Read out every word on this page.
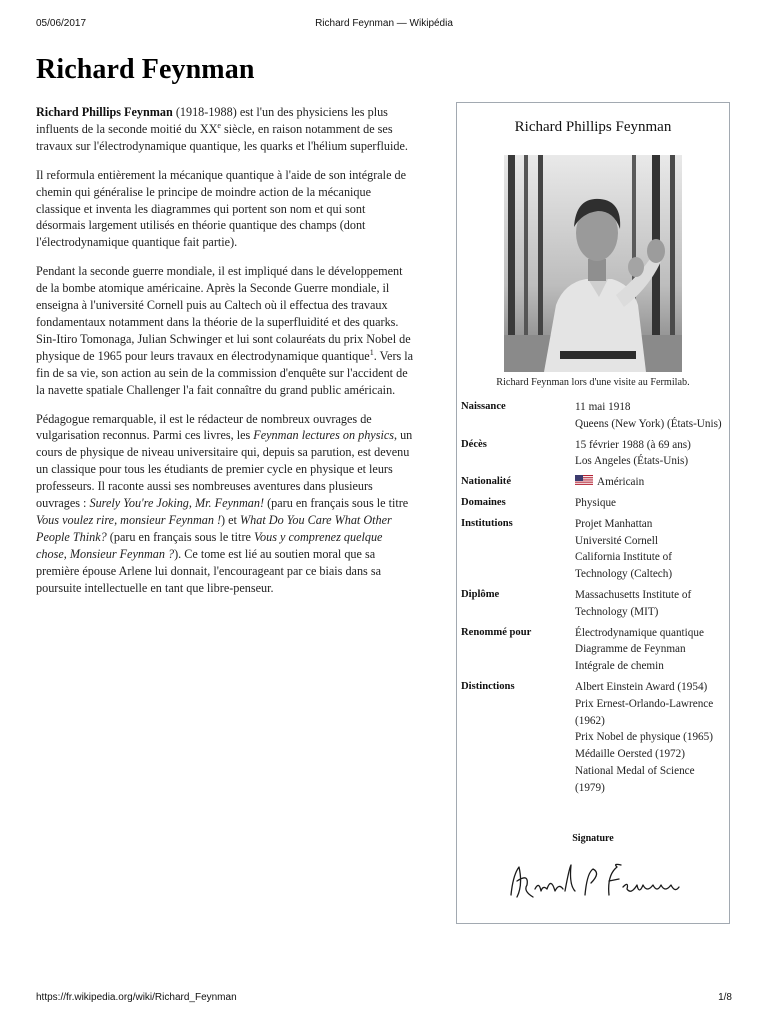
05/06/2017	Richard Feynman — Wikipédia
Richard Feynman

Richard Phillips Feynman (1918-1988) est l'un des physiciens les plus influents de la seconde moitié du XXe siècle, en raison notamment de ses travaux sur l'électrodynamique quantique, les quarks et l'hélium superfluide.

Il reformula entièrement la mécanique quantique à l'aide de son intégrale de chemin qui généralise le principe de moindre action de la mécanique classique et inventa les diagrammes qui portent son nom et qui sont désormais largement utilisés en théorie quantique des champs (dont l'électrodynamique quantique fait partie).

Pendant la seconde guerre mondiale, il est impliqué dans le développement de la bombe atomique américaine. Après la Seconde Guerre mondiale, il enseigna à l'université Cornell puis au Caltech où il effectua des travaux fondamentaux notamment dans la théorie de la superfluidité et des quarks. Sin-Itiro Tomonaga, Julian Schwinger et lui sont colauréats du prix Nobel de physique de 1965 pour leurs travaux en électrodynamique quantique$^1$. Vers la fin de sa vie, son action au sein de la commission d'enquête sur l'accident de la navette spatiale Challenger l'a fait connaître du grand public américain.

Pédagogue remarquable, il est le rédacteur de nombreux ouvrages de vulgarisation reconnus. Parmi ces livres, les Feynman lectures on physics, un cours de physique de niveau universitaire qui, depuis sa parution, est devenu un classique pour tous les étudiants de premier cycle en physique et leurs professeurs. Il raconte aussi ses nombreuses aventures dans plusieurs ouvrages : Surely You're Joking, Mr. Feynman! (paru en français sous le titre Vous voulez rire, monsieur Feynman !) et What Do You Care What Other People Think? (paru en français sous le titre Vous y comprenez quelque chose, Monsieur Feynman ?). Ce tome est lié au soutien moral que sa première épouse Arlene lui donnait, l'encourageant par ce biais dans sa poursuite intellectuelle en tant que libre-penseur.

Richard Phillips Feynman
Richard Feynman lors d'une visite au Fermilab.
Naissance	11 mai 1918
Queens (New York) (États-Unis)
Décès	15 février 1988 (à 69 ans)
Los Angeles (États-Unis)
Nationalité	Américain
Domaines	Physique
Institutions	Projet Manhattan
Université Cornell
California Institute of Technology (Caltech)
Diplôme	Massachusetts Institute of Technology (MIT)
Renommé pour	Électrodynamique quantique
Diagramme de Feynman
Intégrale de chemin
Distinctions	Albert Einstein Award (1954)
Prix Ernest-Orlando-Lawrence (1962)
Prix Nobel de physique (1965)
Médaille Oersted (1972)
National Medal of Science (1979)
Signature
https://fr.wikipedia.org/wiki/Richard_Feynman	1/8
